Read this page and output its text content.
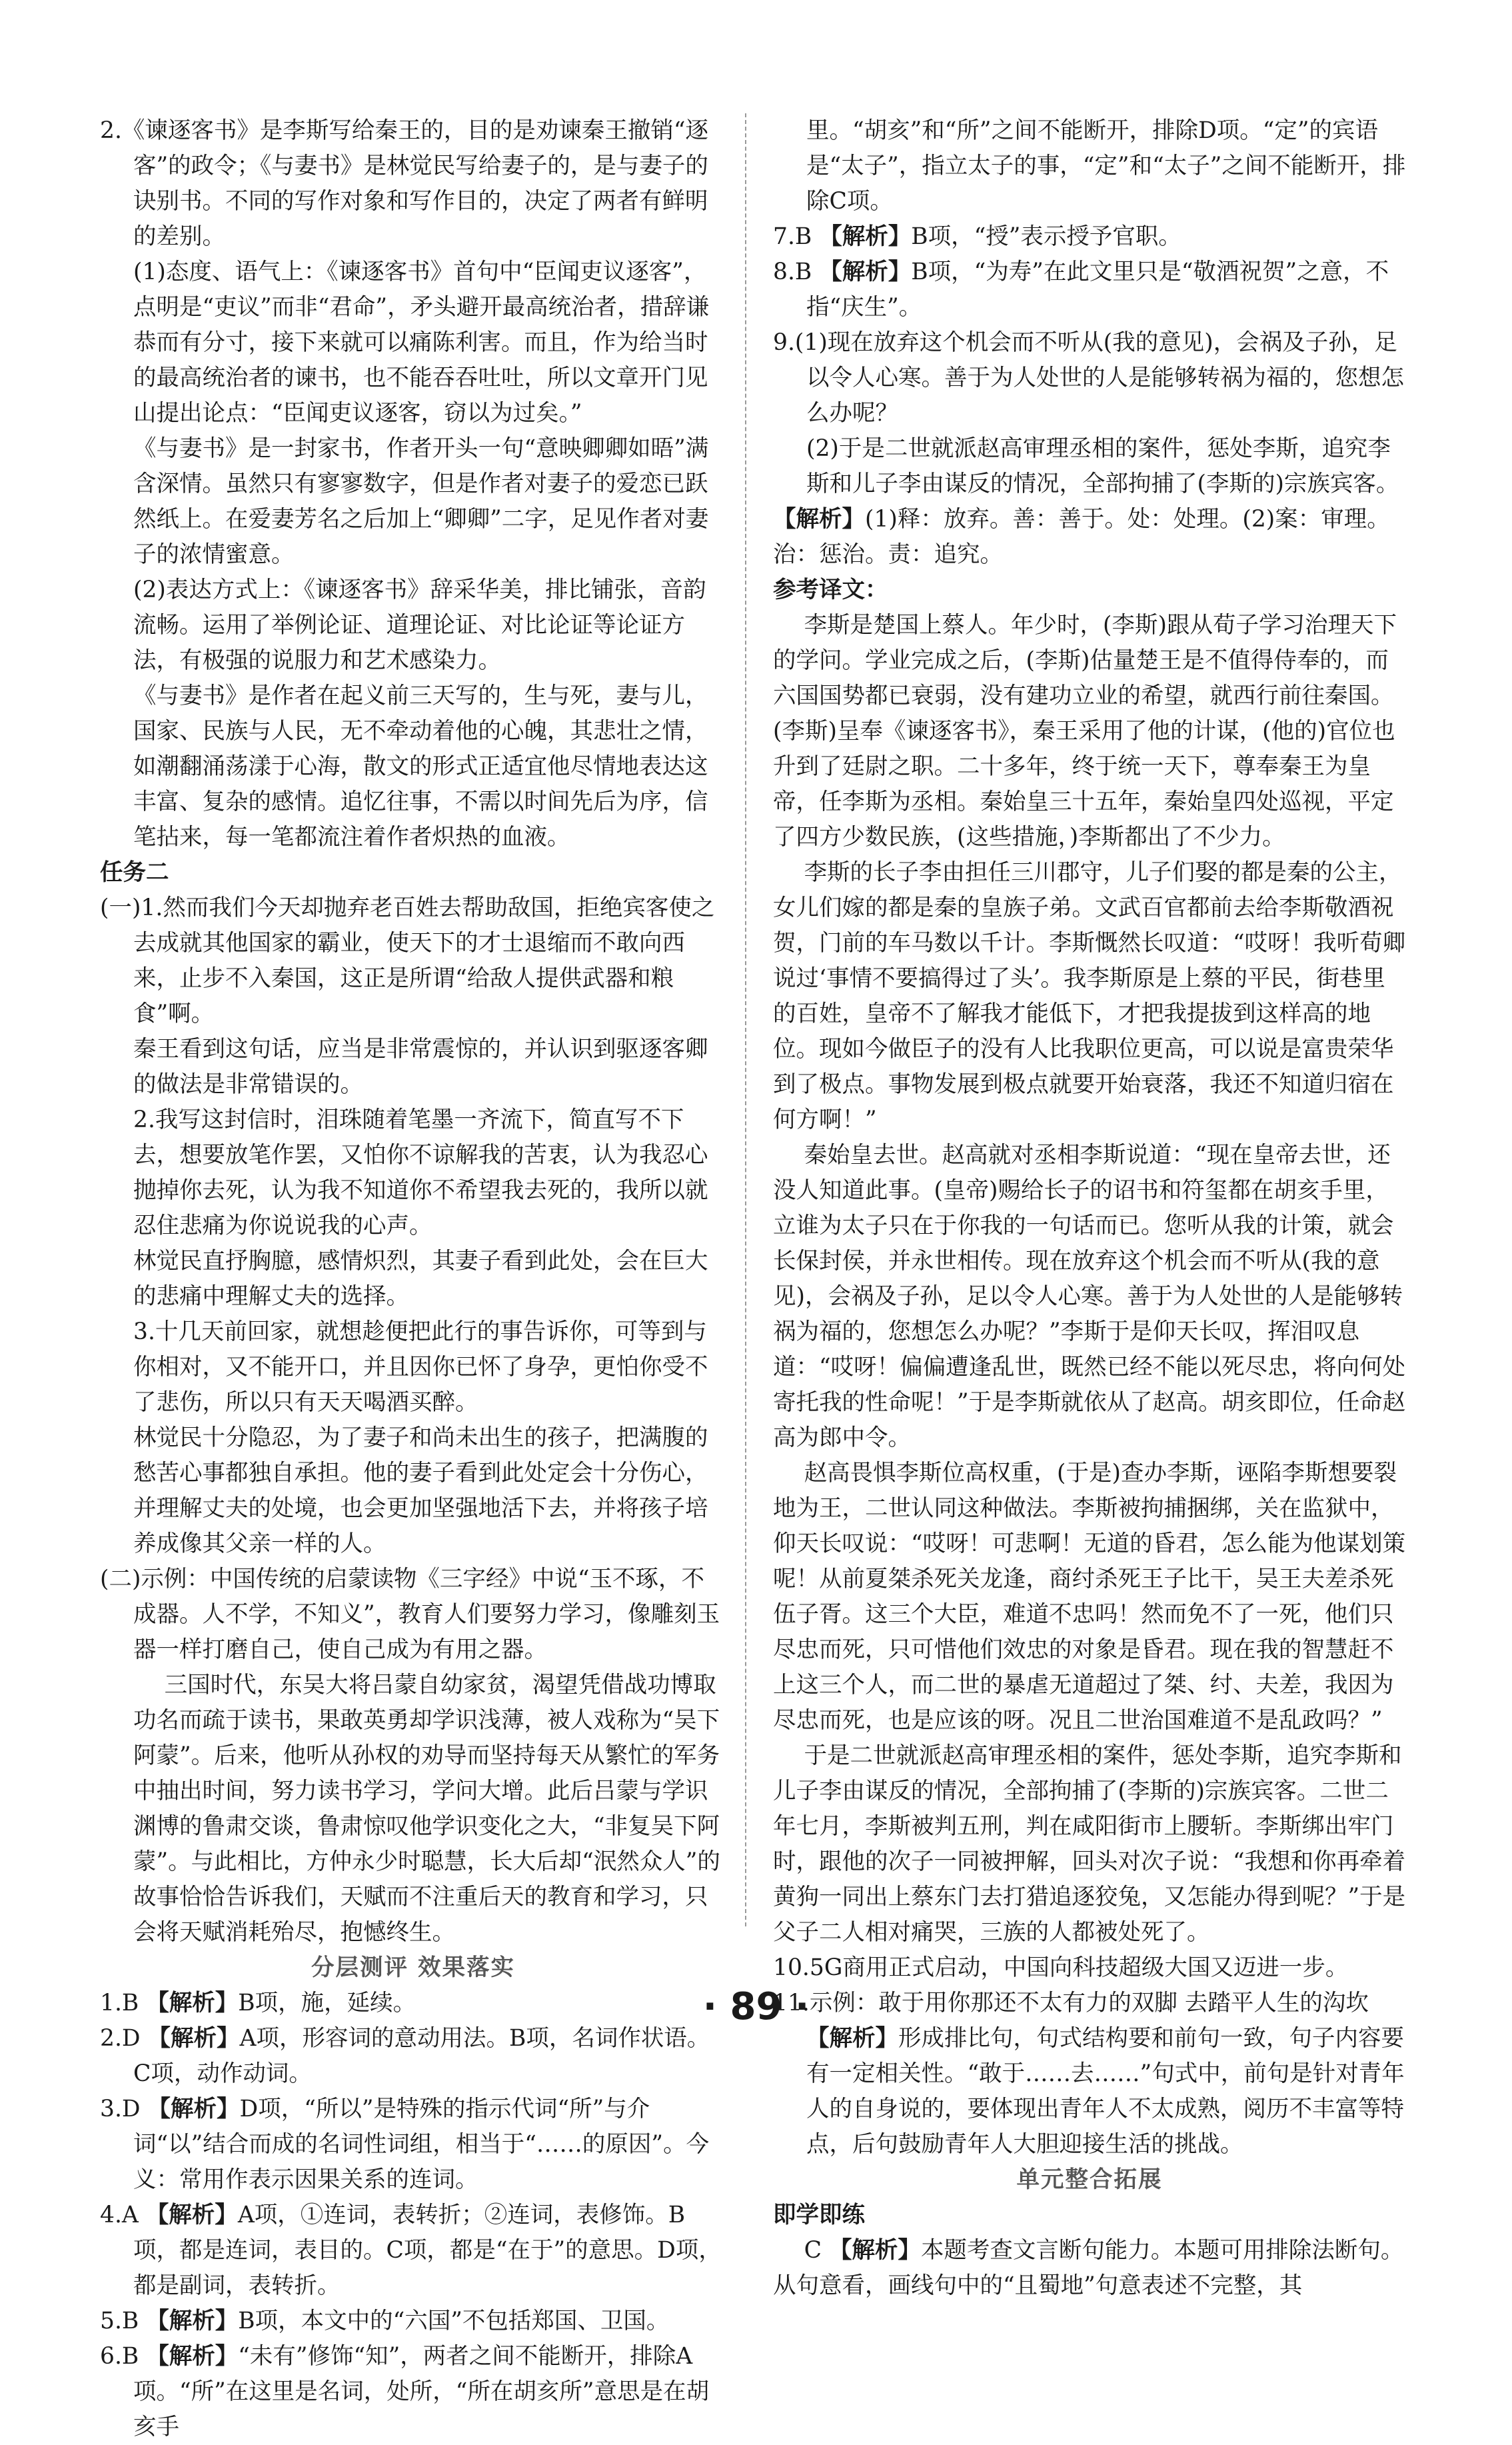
2.《谏逐客书》是李斯写给秦王的，目的是劝谏秦王撤销“逐客”的政令；《与妻书》是林觉民写给妻子的，是与妻子的诀别书。不同的写作对象和写作目的，决定了两者有鲜明的差别。

(1)态度、语气上：《谏逐客书》首句中“臣闻吏议逐客”，点明是“吏议”而非“君命”，矛头避开最高统治者，措辞谦恭而有分寸，接下来就可以痛陈利害。而且，作为给当时的最高统治者的谏书，也不能吞吞吐吐，所以文章开门见山提出论点：“臣闻吏议逐客，窃以为过矣。”

《与妻书》是一封家书，作者开头一句“意映卿卿如晤”满含深情。虽然只有寥寥数字，但是作者对妻子的爱恋已跃然纸上。在爱妻芳名之后加上“卿卿”二字，足见作者对妻子的浓情蜜意。

(2)表达方式上：《谏逐客书》辞采华美，排比铺张，音韵流畅。运用了举例论证、道理论证、对比论证等论证方法，有极强的说服力和艺术感染力。

《与妻书》是作者在起义前三天写的，生与死，妻与儿，国家、民族与人民，无不牵动着他的心魄，其悲壮之情，如潮翻涌荡漾于心海，散文的形式正适宜他尽情地表达这丰富、复杂的感情。追忆往事，不需以时间先后为序，信笔拈来，每一笔都流注着作者炽热的血液。

任务二

(一)1.然而我们今天却抛弃老百姓去帮助敌国，拒绝宾客使之去成就其他国家的霸业，使天下的才士退缩而不敢向西来，止步不入秦国，这正是所谓“给敌人提供武器和粮食”啊。

秦王看到这句话，应当是非常震惊的，并认识到驱逐客卿的做法是非常错误的。

2.我写这封信时，泪珠随着笔墨一齐流下，简直写不下去，想要放笔作罢，又怕你不谅解我的苦衷，认为我忍心抛掉你去死，认为我不知道你不希望我去死的，我所以就忍住悲痛为你说说我的心声。

林觉民直抒胸臆，感情炽烈，其妻子看到此处，会在巨大的悲痛中理解丈夫的选择。

3.十几天前回家，就想趁便把此行的事告诉你，可等到与你相对，又不能开口，并且因你已怀了身孕，更怕你受不了悲伤，所以只有天天喝酒买醉。

林觉民十分隐忍，为了妻子和尚未出生的孩子，把满腹的愁苦心事都独自承担。他的妻子看到此处定会十分伤心，并理解丈夫的处境，也会更加坚强地活下去，并将孩子培养成像其父亲一样的人。

(二)示例：中国传统的启蒙读物《三字经》中说“玉不琢，不成器。人不学，不知义”，教育人们要努力学习，像雕刻玉器一样打磨自己，使自己成为有用之器。

三国时代，东吴大将吕蒙自幼家贫，渴望凭借战功博取功名而疏于读书，果敢英勇却学识浅薄，被人戏称为“吴下阿蒙”。后来，他听从孙权的劝导而坚持每天从繁忙的军务中抽出时间，努力读书学习，学问大增。此后吕蒙与学识渊博的鲁肃交谈，鲁肃惊叹他学识变化之大，“非复吴下阿蒙”。与此相比，方仲永少时聪慧，长大后却“泯然众人”的故事恰恰告诉我们，天赋而不注重后天的教育和学习，只会将天赋消耗殆尽，抱憾终生。

分层测评 效果落实

1.B 【解析】B项，施，延续。

2.D 【解析】A项，形容词的意动用法。B项，名词作状语。C项，动作动词。

3.D 【解析】D项，“所以”是特殊的指示代词“所”与介词“以”结合而成的名词性词组，相当于“……的原因”。今义：常用作表示因果关系的连词。

4.A 【解析】A项，①连词，表转折；②连词，表修饰。B项，都是连词，表目的。C项，都是“在于”的意思。D项，都是副词，表转折。

5.B 【解析】B项，本文中的“六国”不包括郑国、卫国。

6.B 【解析】“未有”修饰“知”，两者之间不能断开，排除A项。“所”在这里是名词，处所，“所在胡亥所”意思是在胡亥手

里。“胡亥”和“所”之间不能断开，排除D项。“定”的宾语是“太子”，指立太子的事，“定”和“太子”之间不能断开，排除C项。

7.B 【解析】B项，“授”表示授予官职。

8.B 【解析】B项，“为寿”在此文里只是“敬酒祝贺”之意，不指“庆生”。

9.(1)现在放弃这个机会而不听从(我的意见)，会祸及子孙，足以令人心寒。善于为人处世的人是能够转祸为福的，您想怎么办呢？

(2)于是二世就派赵高审理丞相的案件，惩处李斯，追究李斯和儿子李由谋反的情况，全部拘捕了(李斯的)宗族宾客。

【解析】(1)释：放弃。善：善于。处：处理。(2)案：审理。治：惩治。责：追究。

参考译文：

李斯是楚国上蔡人。年少时，(李斯)跟从荀子学习治理天下的学问。学业完成之后，(李斯)估量楚王是不值得侍奉的，而六国国势都已衰弱，没有建功立业的希望，就西行前往秦国。(李斯)呈奉《谏逐客书》，秦王采用了他的计谋，(他的)官位也升到了廷尉之职。二十多年，终于统一天下，尊奉秦王为皇帝，任李斯为丞相。秦始皇三十五年，秦始皇四处巡视，平定了四方少数民族，(这些措施，)李斯都出了不少力。

李斯的长子李由担任三川郡守，儿子们娶的都是秦的公主，女儿们嫁的都是秦的皇族子弟。文武百官都前去给李斯敬酒祝贺，门前的车马数以千计。李斯慨然长叹道：“哎呀！我听荀卿说过‘事情不要搞得过了头’。我李斯原是上蔡的平民，街巷里的百姓，皇帝不了解我才能低下，才把我提拔到这样高的地位。现如今做臣子的没有人比我职位更高，可以说是富贵荣华到了极点。事物发展到极点就要开始衰落，我还不知道归宿在何方啊！”

秦始皇去世。赵高就对丞相李斯说道：“现在皇帝去世，还没人知道此事。(皇帝)赐给长子的诏书和符玺都在胡亥手里，立谁为太子只在于你我的一句话而已。您听从我的计策，就会长保封侯，并永世相传。现在放弃这个机会而不听从(我的意见)，会祸及子孙，足以令人心寒。善于为人处世的人是能够转祸为福的，您想怎么办呢？”李斯于是仰天长叹，挥泪叹息道：“哎呀！偏偏遭逢乱世，既然已经不能以死尽忠，将向何处寄托我的性命呢！”于是李斯就依从了赵高。胡亥即位，任命赵高为郎中令。

赵高畏惧李斯位高权重，(于是)查办李斯，诬陷李斯想要裂地为王，二世认同这种做法。李斯被拘捕捆绑，关在监狱中，仰天长叹说：“哎呀！可悲啊！无道的昏君，怎么能为他谋划策呢！从前夏桀杀死关龙逢，商纣杀死王子比干，吴王夫差杀死伍子胥。这三个大臣，难道不忠吗！然而免不了一死，他们只尽忠而死，只可惜他们效忠的对象是昏君。现在我的智慧赶不上这三个人，而二世的暴虐无道超过了桀、纣、夫差，我因为尽忠而死，也是应该的呀。况且二世治国难道不是乱政吗？”

于是二世就派赵高审理丞相的案件，惩处李斯，追究李斯和儿子李由谋反的情况，全部拘捕了(李斯的)宗族宾客。二世二年七月，李斯被判五刑，判在咸阳街市上腰斩。李斯绑出牢门时，跟他的次子一同被押解，回头对次子说：“我想和你再牵着黄狗一同出上蔡东门去打猎追逐狡兔，又怎能办得到呢？”于是父子二人相对痛哭，三族的人都被处死了。

10.5G商用正式启动，中国向科技超级大国又迈进一步。

11.示例：敢于用你那还不太有力的双脚 去踏平人生的沟坎

【解析】形成排比句，句式结构要和前句一致，句子内容要有一定相关性。“敢于……去……”句式中，前句是针对青年人的自身说的，要体现出青年人不太成熟，阅历不丰富等特点，后句鼓励青年人大胆迎接生活的挑战。

单元整合拓展

即学即练

C 【解析】本题考查文言断句能力。本题可用排除法断句。从句意看，画线句中的“且蜀地”句意表述不完整，其

· 89 ·
